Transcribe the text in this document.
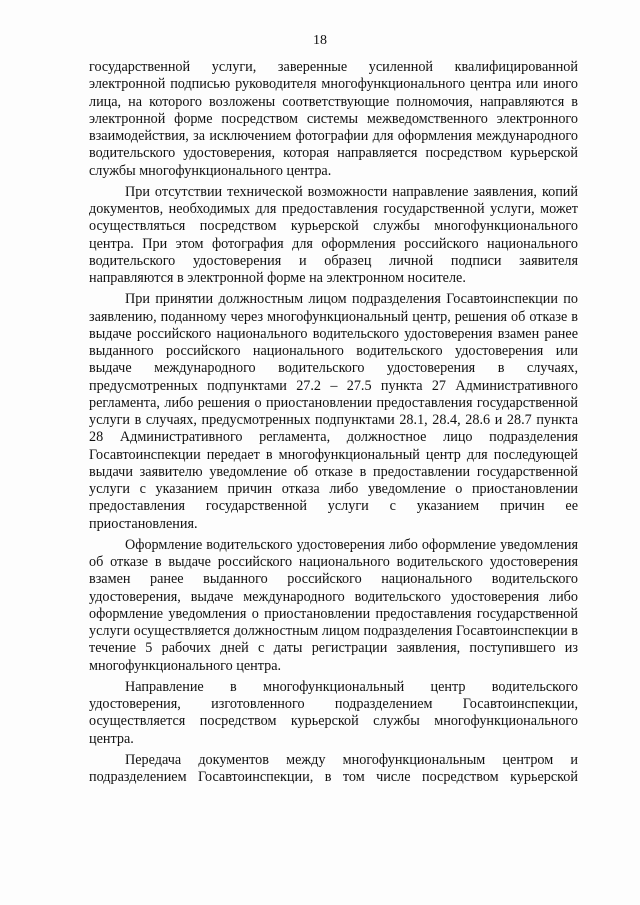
18

государственной услуги, заверенные усиленной квалифицированной электронной подписью руководителя многофункционального центра или иного лица, на которого возложены соответствующие полномочия, направляются в электронной форме посредством системы межведомственного электронного взаимодействия, за исключением фотографии для оформления международного водительского удостоверения, которая направляется посредством курьерской службы многофункционального центра.

При отсутствии технической возможности направление заявления, копий документов, необходимых для предоставления государственной услуги, может осуществляться посредством курьерской службы многофункционального центра. При этом фотография для оформления российского национального водительского удостоверения и образец личной подписи заявителя направляются в электронной форме на электронном носителе.

При принятии должностным лицом подразделения Госавтоинспекции по заявлению, поданному через многофункциональный центр, решения об отказе в выдаче российского национального водительского удостоверения взамен ранее выданного российского национального водительского удостоверения или выдаче международного водительского удостоверения в случаях, предусмотренных подпунктами 27.2 – 27.5 пункта 27 Административного регламента, либо решения о приостановлении предоставления государственной услуги в случаях, предусмотренных подпунктами 28.1, 28.4, 28.6 и 28.7 пункта 28 Административного регламента, должностное лицо подразделения Госавтоинспекции передает в многофункциональный центр для последующей выдачи заявителю уведомление об отказе в предоставлении государственной услуги с указанием причин отказа либо уведомление о приостановлении предоставления государственной услуги с указанием причин ее приостановления.

Оформление водительского удостоверения либо оформление уведомления об отказе в выдаче российского национального водительского удостоверения взамен ранее выданного российского национального водительского удостоверения, выдаче международного водительского удостоверения либо оформление уведомления о приостановлении предоставления государственной услуги осуществляется должностным лицом подразделения Госавтоинспекции в течение 5 рабочих дней с даты регистрации заявления, поступившего из многофункционального центра.

Направление в многофункциональный центр водительского удостоверения, изготовленного подразделением Госавтоинспекции, осуществляется посредством курьерской службы многофункционального центра.

Передача документов между многофункциональным центром и подразделением Госавтоинспекции, в том числе посредством курьерской
